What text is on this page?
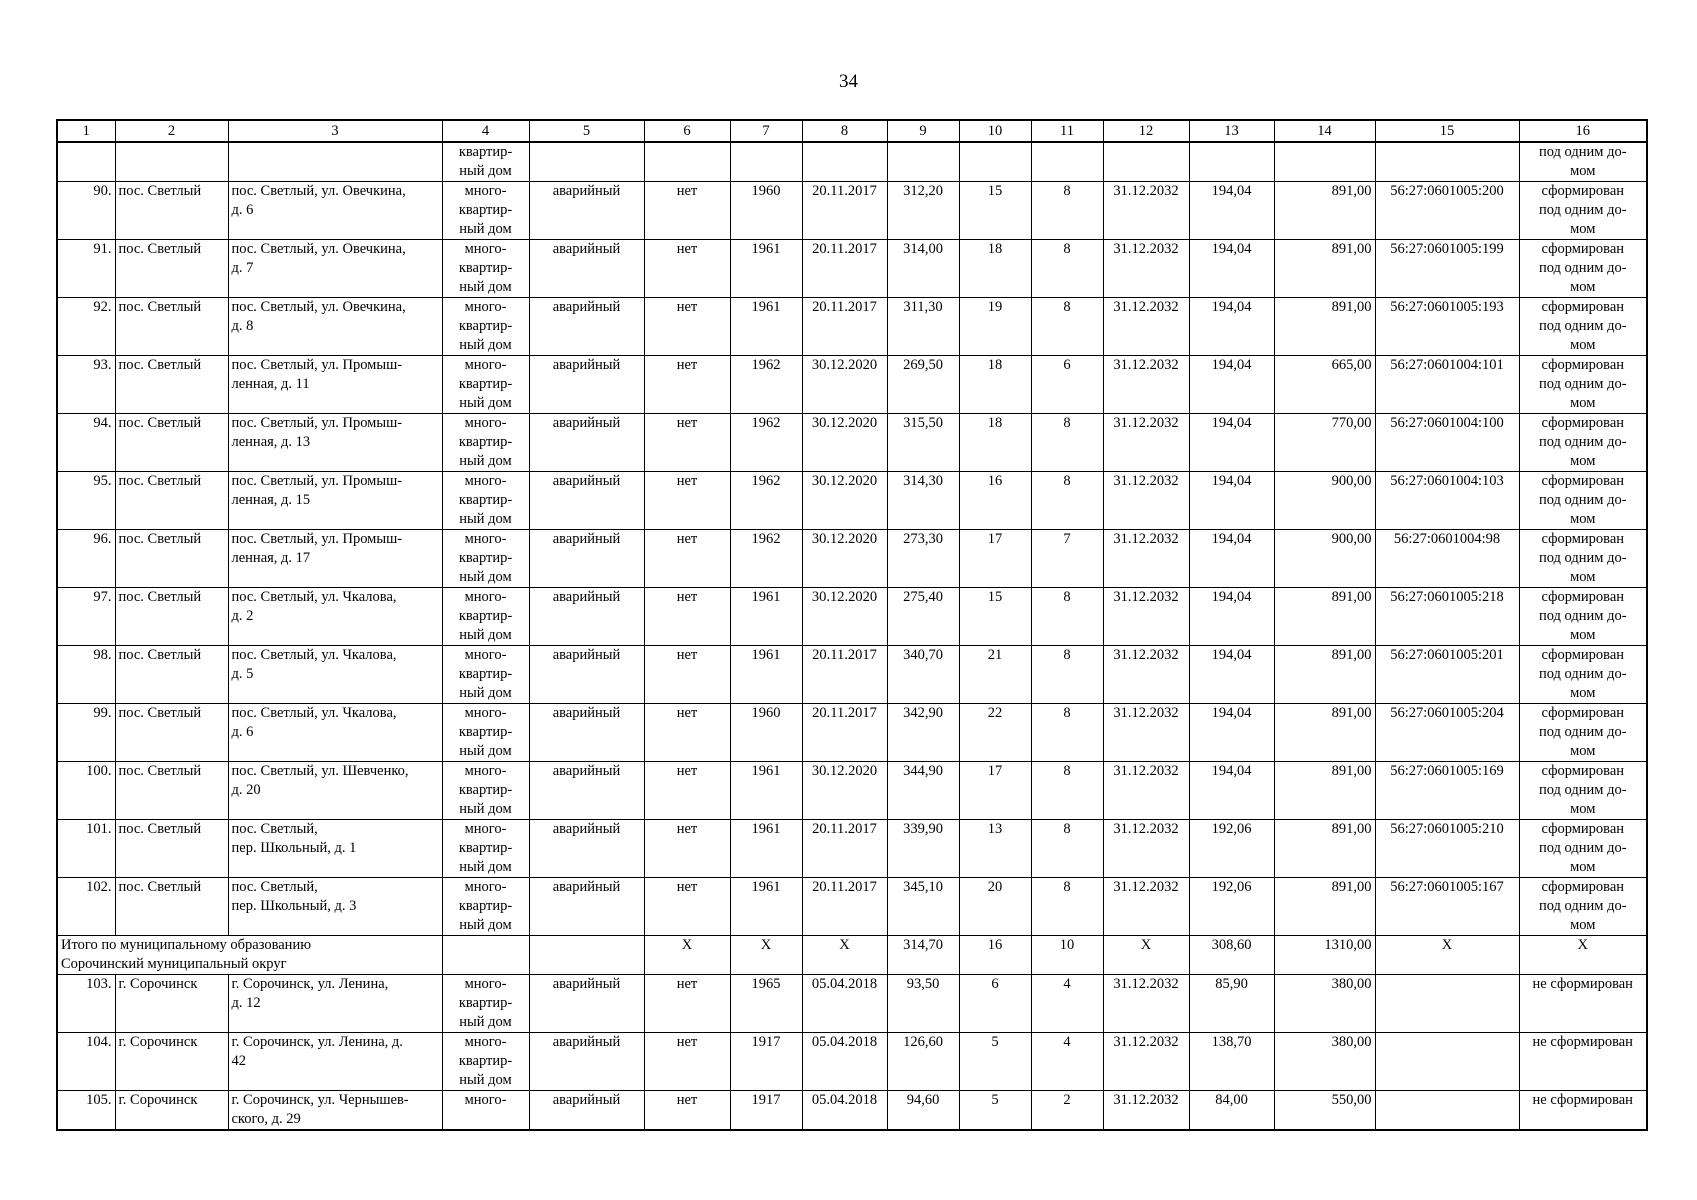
34
1	2	3	4	5	6	7	8	9	10	11	12	13	14	15	16
			квартир-
ный дом												под одним до-
мом
90.	пос. Светлый	пос. Светлый, ул. Овечкина,
д. 6	много-
квартир-
ный дом	аварийный	нет	1960	20.11.2017	312,20	15	8	31.12.2032	194,04	891,00	56:27:0601005:200	сформирован
под одним до-
мом
91.	пос. Светлый	пос. Светлый, ул. Овечкина,
д. 7	много-
квартир-
ный дом	аварийный	нет	1961	20.11.2017	314,00	18	8	31.12.2032	194,04	891,00	56:27:0601005:199	сформирован
под одним до-
мом
92.	пос. Светлый	пос. Светлый, ул. Овечкина,
д. 8	много-
квартир-
ный дом	аварийный	нет	1961	20.11.2017	311,30	19	8	31.12.2032	194,04	891,00	56:27:0601005:193	сформирован
под одним до-
мом
93.	пос. Светлый	пос. Светлый, ул. Промыш-
ленная, д. 11	много-
квартир-
ный дом	аварийный	нет	1962	30.12.2020	269,50	18	6	31.12.2032	194,04	665,00	56:27:0601004:101	сформирован
под одним до-
мом
94.	пос. Светлый	пос. Светлый, ул. Промыш-
ленная, д. 13	много-
квартир-
ный дом	аварийный	нет	1962	30.12.2020	315,50	18	8	31.12.2032	194,04	770,00	56:27:0601004:100	сформирован
под одним до-
мом
95.	пос. Светлый	пос. Светлый, ул. Промыш-
ленная, д. 15	много-
квартир-
ный дом	аварийный	нет	1962	30.12.2020	314,30	16	8	31.12.2032	194,04	900,00	56:27:0601004:103	сформирован
под одним до-
мом
96.	пос. Светлый	пос. Светлый, ул. Промыш-
ленная, д. 17	много-
квартир-
ный дом	аварийный	нет	1962	30.12.2020	273,30	17	7	31.12.2032	194,04	900,00	56:27:0601004:98	сформирован
под одним до-
мом
97.	пос. Светлый	пос. Светлый, ул. Чкалова,
д. 2	много-
квартир-
ный дом	аварийный	нет	1961	30.12.2020	275,40	15	8	31.12.2032	194,04	891,00	56:27:0601005:218	сформирован
под одним до-
мом
98.	пос. Светлый	пос. Светлый, ул. Чкалова,
д. 5	много-
квартир-
ный дом	аварийный	нет	1961	20.11.2017	340,70	21	8	31.12.2032	194,04	891,00	56:27:0601005:201	сформирован
под одним до-
мом
99.	пос. Светлый	пос. Светлый, ул. Чкалова,
д. 6	много-
квартир-
ный дом	аварийный	нет	1960	20.11.2017	342,90	22	8	31.12.2032	194,04	891,00	56:27:0601005:204	сформирован
под одним до-
мом
100.	пос. Светлый	пос. Светлый, ул. Шевченко,
д. 20	много-
квартир-
ный дом	аварийный	нет	1961	30.12.2020	344,90	17	8	31.12.2032	194,04	891,00	56:27:0601005:169	сформирован
под одним до-
мом
101.	пос. Светлый	пос. Светлый,
пер. Школьный, д. 1	много-
квартир-
ный дом	аварийный	нет	1961	20.11.2017	339,90	13	8	31.12.2032	192,06	891,00	56:27:0601005:210	сформирован
под одним до-
мом
102.	пос. Светлый	пос. Светлый,
пер. Школьный, д. 3	много-
квартир-
ный дом	аварийный	нет	1961	20.11.2017	345,10	20	8	31.12.2032	192,06	891,00	56:27:0601005:167	сформирован
под одним до-
мом
Итого по муниципальному образованию
Сорочинский муниципальный округ					X	X	X	314,70	16	10	X	308,60	1310,00	X	X
103.	г. Сорочинск	г. Сорочинск, ул. Ленина,
д. 12	много-
квартир-
ный дом	аварийный	нет	1965	05.04.2018	93,50	6	4	31.12.2032	85,90	380,00		не сформирован
104.	г. Сорочинск	г. Сорочинск, ул. Ленина, д.
42	много-
квартир-
ный дом	аварийный	нет	1917	05.04.2018	126,60	5	4	31.12.2032	138,70	380,00		не сформирован
105.	г. Сорочинск	г. Сорочинск, ул. Чернышев-
ского, д. 29	много-	аварийный	нет	1917	05.04.2018	94,60	5	2	31.12.2032	84,00	550,00		не сформирован
